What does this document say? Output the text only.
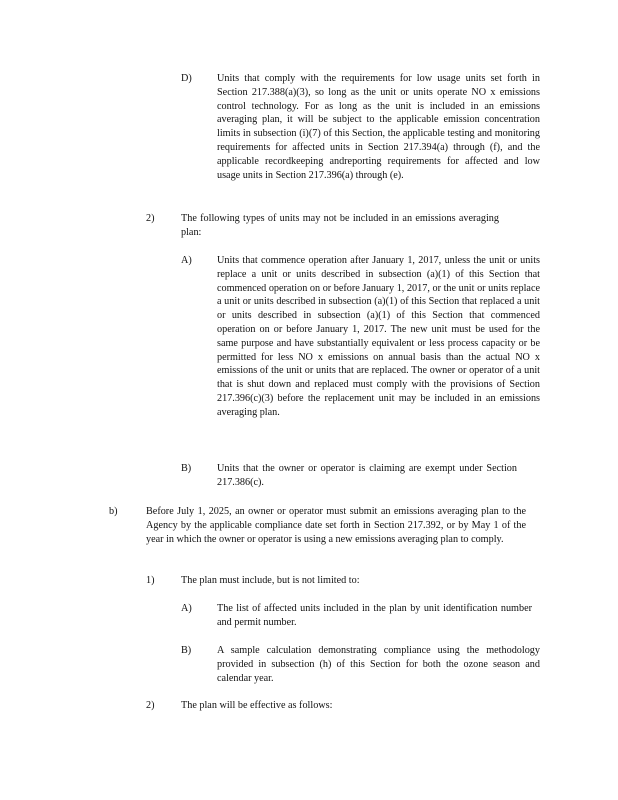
D) Units that comply with the requirements for low usage units set forth in Section 217.388(a)(3), so long as the unit or units operate NO x emissions control technology. For as long as the unit is included in an emissions averaging plan, it will be subject to the applicable emission concentration limits in subsection (i)(7) of this Section, the applicable testing and monitoring requirements for affected units in Section 217.394(a) through (f), and the applicable recordkeeping andreporting requirements for affected and low usage units in Section 217.396(a) through (e).
2)	The following types of units may not be included in an emissions averaging plan:
A) Units that commence operation after January 1, 2017, unless the unit or units replace a unit or units described in subsection (a)(1) of this Section that commenced operation on or before January 1, 2017, or the unit or units replace a unit or units described in subsection (a)(1) of this Section that replaced a unit or units described in subsection (a)(1) of this Section that commenced operation on or before January 1, 2017. The new unit must be used for the same purpose and have substantially equivalent or less process capacity or be permitted for less NO x emissions on annual basis than the actual NO x emissions of the unit or units that are replaced. The owner or operator of a unit that is shut down and replaced must comply with the provisions of Section 217.396(c)(3) before the replacement unit may be included in an emissions averaging plan.
B)	Units that the owner or operator is claiming are exempt under Section 217.386(c).
b)	Before July 1, 2025, an owner or operator must submit an emissions averaging plan to the Agency by the applicable compliance date set forth in Section 217.392, or by May 1 of the year in which the owner or operator is using a new emissions averaging plan to comply.
1)	The plan must include, but is not limited to:
A) The list of affected units included in the plan by unit identification number and permit number.
B)	A sample calculation demonstrating compliance using the methodology provided in subsection (h) of this Section for both the ozone season and calendar year.
2)	The plan will be effective as follows:
